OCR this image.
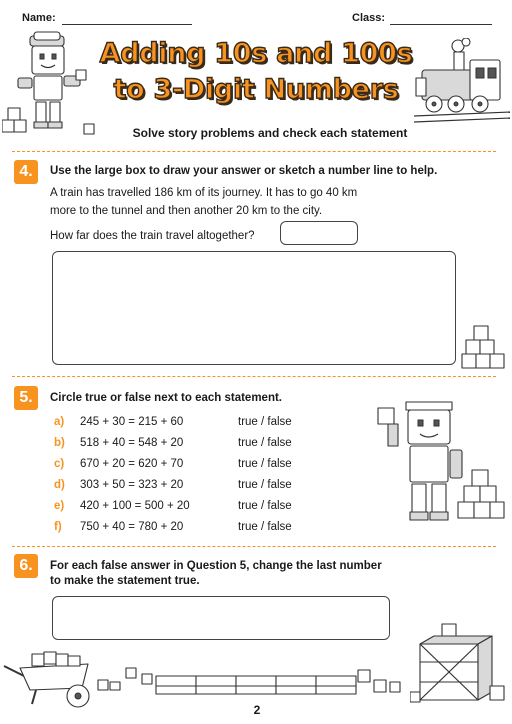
Name:	Class:
Adding 10s and 100s
to 3-Digit Numbers
Solve story problems and check each statement
4.	Use the large box to draw your answer or sketch a number line to help.
A train has travelled 186 km of its journey. It has to go 40 km
more to the tunnel and then another 20 km to the city.
How far does the train travel altogether?
5.	Circle true or false next to each statement.
a) 245 + 30 = 215 + 60	true / false
b) 518 + 40 = 548 + 20	true / false
c) 670 + 20 = 620 + 70	true / false
d) 303 + 50 = 323 + 20	true / false
e) 420 + 100 = 500 + 20	true / false
f) 750 + 40 = 780 + 20	true / false
6.	For each false answer in Question 5, change the last number
to make the statement true.
2
